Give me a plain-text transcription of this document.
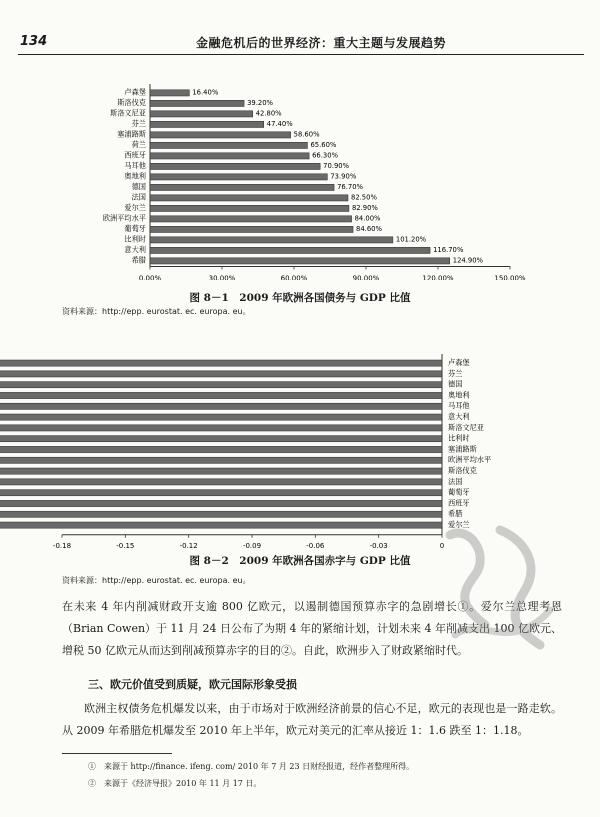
134	金融危机后的世界经济：重大主题与发展趋势
卢森堡	16.40%
斯洛伐克	39.20%
斯洛文尼亚	42.80%
芬兰	47.40%
塞浦路斯	58.60%
荷兰	65.60%
西班牙	66.30%
马耳他	70.90%
奥地利	73.90%
德国	76.70%
法国	82.50%
爱尔兰	82.90%
欧洲平均水平	84.00%
葡萄牙	84.60%
比利时	101.20%
意大利	116.70%
希腊	124.90%
0.00%	30.00%	60.00%	90.00%	120.00%	150.00%
图 8－1　2009 年欧洲各国债务与 GDP 比值
资料来源：http://epp. eurostat. ec. europa. eu。
卢森堡
芬兰
德国
奥地利
马耳他
意大利
斯洛文尼亚
比利时
塞浦路斯
欧洲平均水平
斯洛伐克
法国
葡萄牙
西班牙
希腊
爱尔兰
-0.18	-0.15	-0.12	-0.09	-0.06	-0.03	0
图 8－2　2009 年欧洲各国赤字与 GDP 比值
资料来源：http://epp. eurostat. ec. europa. eu。
在未来 4 年内削减财政开支逾 800 亿欧元，以遏制德国预算赤字的急剧增长①。爱尔兰总理考恩（Brian Cowen）于 11 月 24 日公布了为期 4 年的紧缩计划，计划未来 4 年削减支出 100 亿欧元、增税 50 亿欧元从而达到削减预算赤字的目的②。自此，欧洲步入了财政紧缩时代。
三、欧元价值受到质疑，欧元国际形象受损
欧洲主权债务危机爆发以来，由于市场对于欧洲经济前景的信心不足，欧元的表现也是一路走软。从 2009 年希腊危机爆发至 2010 年上半年，欧元对美元的汇率从接近 1：1.6 跌至 1：1.18。
①　来源于 http://finance. ifeng. com/ 2010 年 7 月 23 日财经报道，经作者整理所得。
②　来源于《经济导报》2010 年 11 月 17 日。
